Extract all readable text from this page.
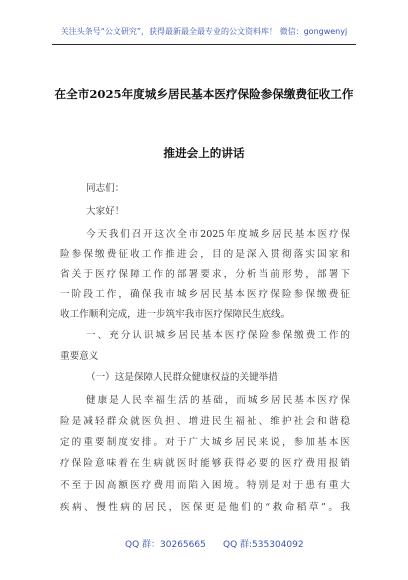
关注头条号“公文研究”，获得最新最全最专业的公文资料库！ 微信：gongwenyj
在全市2025年度城乡居民基本医疗保险参保缴费征收工作
推进会上的讲话
同志们：
大家好！
今天我们召开这次全市2025年度城乡居民基本医疗保
险参保缴费征收工作推进会，目的是深入贯彻落实国家和
省关于医疗保障工作的部署要求，分析当前形势，部署下
一阶段工作，确保我市城乡居民基本医疗保险参保缴费征
收工作顺利完成，进一步筑牢我市医疗保障民生底线。
一、充分认识城乡居民基本医疗保险参保缴费工作的
重要意义
（一）这是保障人民群众健康权益的关键举措
健康是人民幸福生活的基础，而城乡居民基本医疗保
险是减轻群众就医负担、增进民生福祉、维护社会和谐稳
定的重要制度安排。对于广大城乡居民来说，参加基本医
疗保险意味着在生病就医时能够获得必要的医疗费用报销
不至于因高额医疗费用而陷入困境。特别是对于患有重大
疾病、慢性病的居民，医保更是他们的“救命稻草”。我
QQ 群：30265665 QQ 群:535304092
